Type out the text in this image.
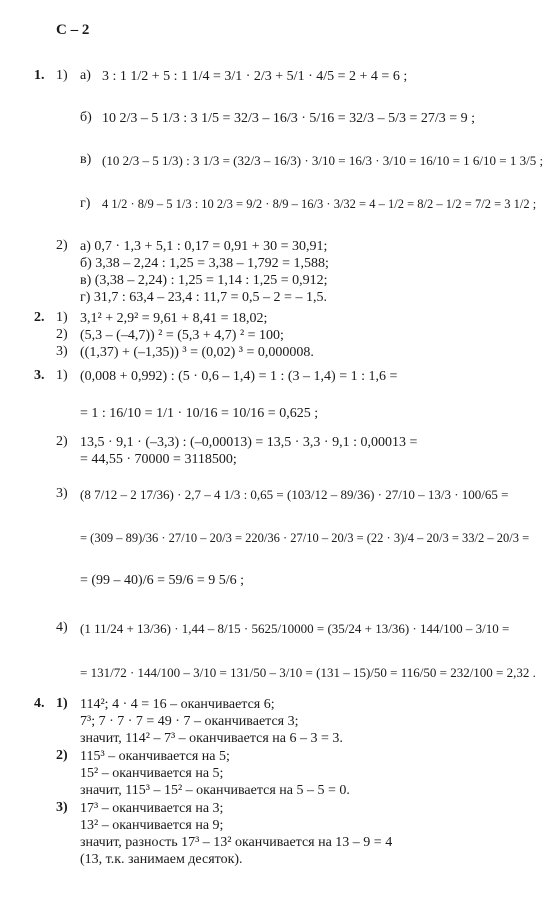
С – 2
1. 1) а) 3 : 1 1/2 + 5 : 1 1/4 = 3/1 · 2/3 + 5/1 · 4/5 = 2 + 4 = 6 ;
б) 10 2/3 – 5 1/3 : 3 1/5 = 32/3 – 16/3 · 5/16 = 32/3 – 5/3 = 27/3 = 9 ;
в) (10 2/3 – 5 1/3) : 3 1/3 = (32/3 – 16/3) · 3/10 = 16/3 · 3/10 = 16/10 = 1 6/10 = 1 3/5 ;
г) 4 1/2 · 8/9 – 5 1/3 : 10 2/3 = 9/2 · 8/9 – 16/3 · 3/32 = 4 – 1/2 = 8/2 – 1/2 = 7/2 = 3 1/2 ;
2) а) 0,7 · 1,3 + 5,1 : 0,17 = 0,91 + 30 = 30,91;
б) 3,38 – 2,24 : 1,25 = 3,38 – 1,792 = 1,588;
в) (3,38 – 2,24) : 1,25 = 1,14 : 1,25 = 0,912;
г) 31,7 : 63,4 – 23,4 : 11,7 = 0,5 – 2 = – 1,5.
2. 1) 3,1² + 2,9² = 9,61 + 8,41 = 18,02;
2) (5,3 – (–4,7)) ² = (5,3 + 4,7) ² = 100;
3) ((1,37) + (–1,35)) ³ = (0,02) ³ = 0,000008.
3. 1) (0,008 + 0,992) : (5 · 0,6 – 1,4) = 1 : (3 – 1,4) = 1 : 1,6 =
= 1 : 16/10 = 1/1 · 10/16 = 10/16 = 0,625 ;
2) 13,5 · 9,1 · (–3,3) : (–0,00013) = 13,5 · 3,3 · 9,1 : 0,00013 =
= 44,55 · 70000 = 3118500;
3) (8 7/12 – 2 17/36) · 2,7 – 4 1/3 : 0,65 = (103/12 – 89/36) · 27/10 – 13/3 · 100/65 =
= (309 – 89)/36 · 27/10 – 20/3 = 220/36 · 27/10 – 20/3 = (22 · 3)/4 – 20/3 = 33/2 – 20/3 =
= (99 – 40)/6 = 59/6 = 9 5/6 ;
4) (1 11/24 + 13/36) · 1,44 – 8/15 · 5625/10000 = (35/24 + 13/36) · 144/100 – 3/10 =
= 131/72 · 144/100 – 3/10 = 131/50 – 3/10 = (131 – 15)/50 = 116/50 = 232/100 = 2,32 .
4. 1) 114²; 4 · 4 = 16 – оканчивается 6;
7³; 7 · 7 · 7 = 49 · 7 – оканчивается 3;
значит, 114² – 7³ – оканчивается на 6 – 3 = 3.
2) 115³ – оканчивается на 5;
15² – оканчивается на 5;
значит, 115³ – 15² – оканчивается на 5 – 5 = 0.
3) 17³ – оканчивается на 3;
13² – оканчивается на 9;
значит, разность 17³ – 13² оканчивается на 13 – 9 = 4
(13, т.к. занимаем десяток).
